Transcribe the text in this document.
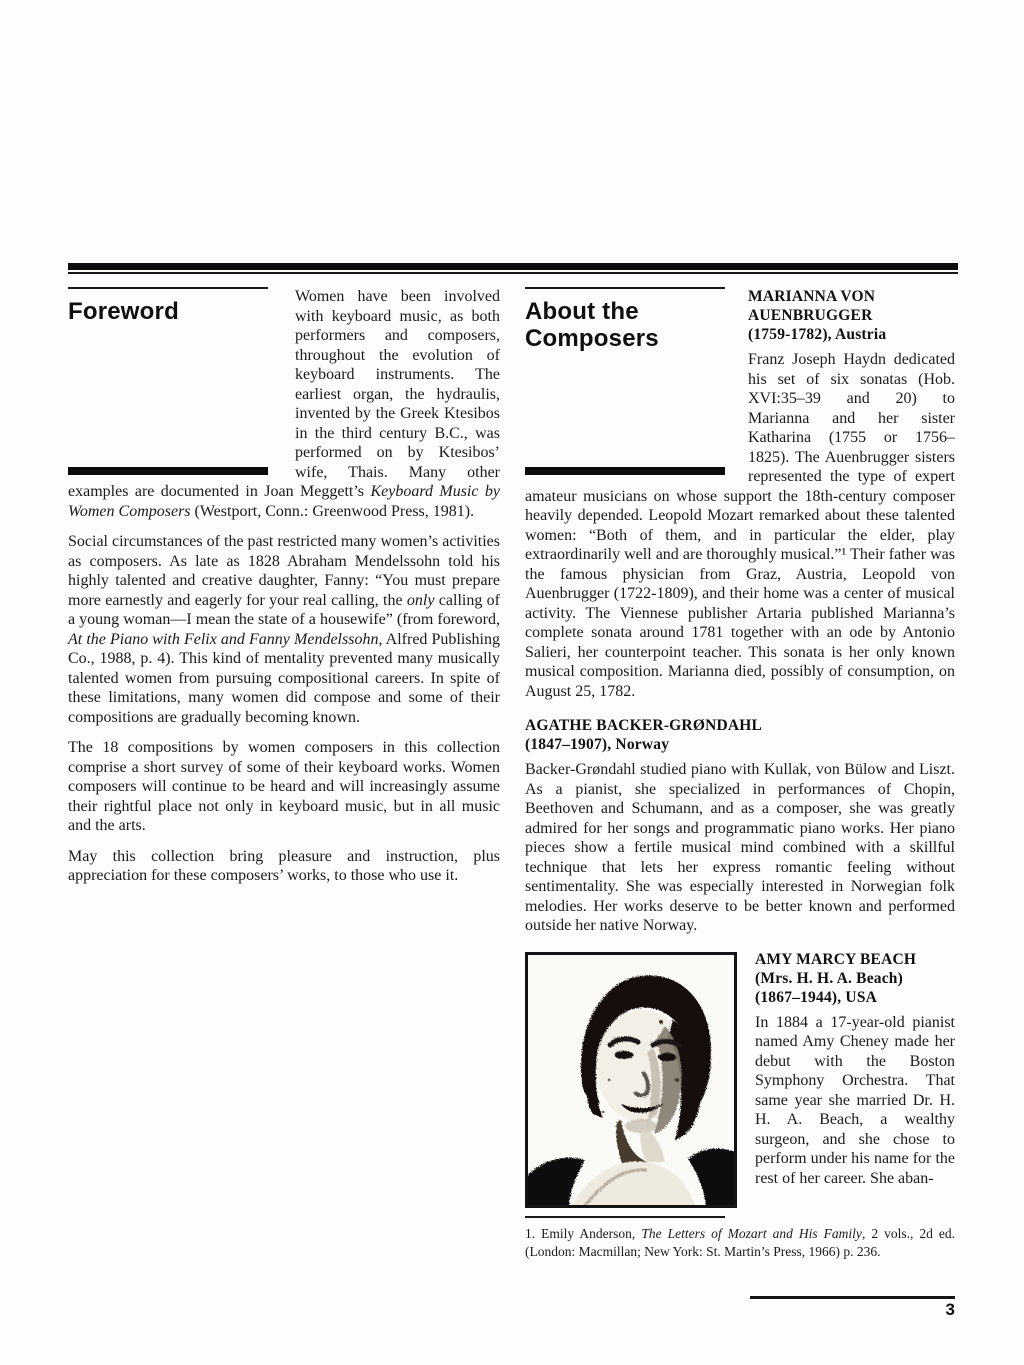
Foreword

Women have been involved with keyboard music, as both performers and composers, throughout the evolution of keyboard instruments. The earliest organ, the hydraulis, invented by the Greek Ktesibos in the third century B.C., was performed on by Ktesibos’ wife, Thais. Many other examples are documented in Joan Meggett’s Keyboard Music by Women Composers (Westport, Conn.: Greenwood Press, 1981).

Social circumstances of the past restricted many women’s activities as composers. As late as 1828 Abraham Mendelssohn told his highly talented and creative daughter, Fanny: “You must prepare more earnestly and eagerly for your real calling, the only calling of a young woman—I mean the state of a housewife” (from foreword, At the Piano with Felix and Fanny Mendelssohn, Alfred Publishing Co., 1988, p. 4). This kind of mentality prevented many musically talented women from pursuing compositional careers. In spite of these limitations, many women did compose and some of their compositions are gradually becoming known.

The 18 compositions by women composers in this collection comprise a short survey of some of their keyboard works. Women composers will continue to be heard and will increasingly assume their rightful place not only in keyboard music, but in all music and the arts.

May this collection bring pleasure and instruction, plus appreciation for these composers’ works, to those who use it.

About the Composers
MARIANNA VON AUENBRUGGER
(1759-1782), Austria

Franz Joseph Haydn dedicated his set of six sonatas (Hob. XVI:35–39 and 20) to Marianna and her sister Katharina (1755 or 1756–1825). The Auenbrugger sisters represented the type of expert amateur musicians on whose support the 18th-century composer heavily depended. Leopold Mozart remarked about these talented women: “Both of them, and in particular the elder, play extraordinarily well and are thoroughly musical.”¹ Their father was the famous physician from Graz, Austria, Leopold von Auenbrugger (1722-1809), and their home was a center of musical activity. The Viennese publisher Artaria published Marianna’s complete sonata around 1781 together with an ode by Antonio Salieri, her counterpoint teacher. This sonata is her only known musical composition. Marianna died, possibly of consumption, on August 25, 1782.

AGATHE BACKER-GRØNDAHL
(1847–1907), Norway

Backer-Grøndahl studied piano with Kullak, von Bülow and Liszt. As a pianist, she specialized in performances of Chopin, Beethoven and Schumann, and as a composer, she was greatly admired for her songs and programmatic piano works. Her piano pieces show a fertile musical mind combined with a skillful technique that lets her express romantic feeling without sentimentality. She was especially interested in Norwegian folk melodies. Her works deserve to be better known and performed outside her native Norway.

AMY MARCY BEACH
(Mrs. H. H. A. Beach)
(1867–1944), USA

In 1884 a 17-year-old pianist named Amy Cheney made her debut with the Boston Symphony Orchestra. That same year she married Dr. H. H. A. Beach, a wealthy surgeon, and she chose to perform under his name for the rest of her career. She aban-

1. Emily Anderson, The Letters of Mozart and His Family, 2 vols., 2d ed. (London: Macmillan; New York: St. Martin’s Press, 1966) p. 236.

3
